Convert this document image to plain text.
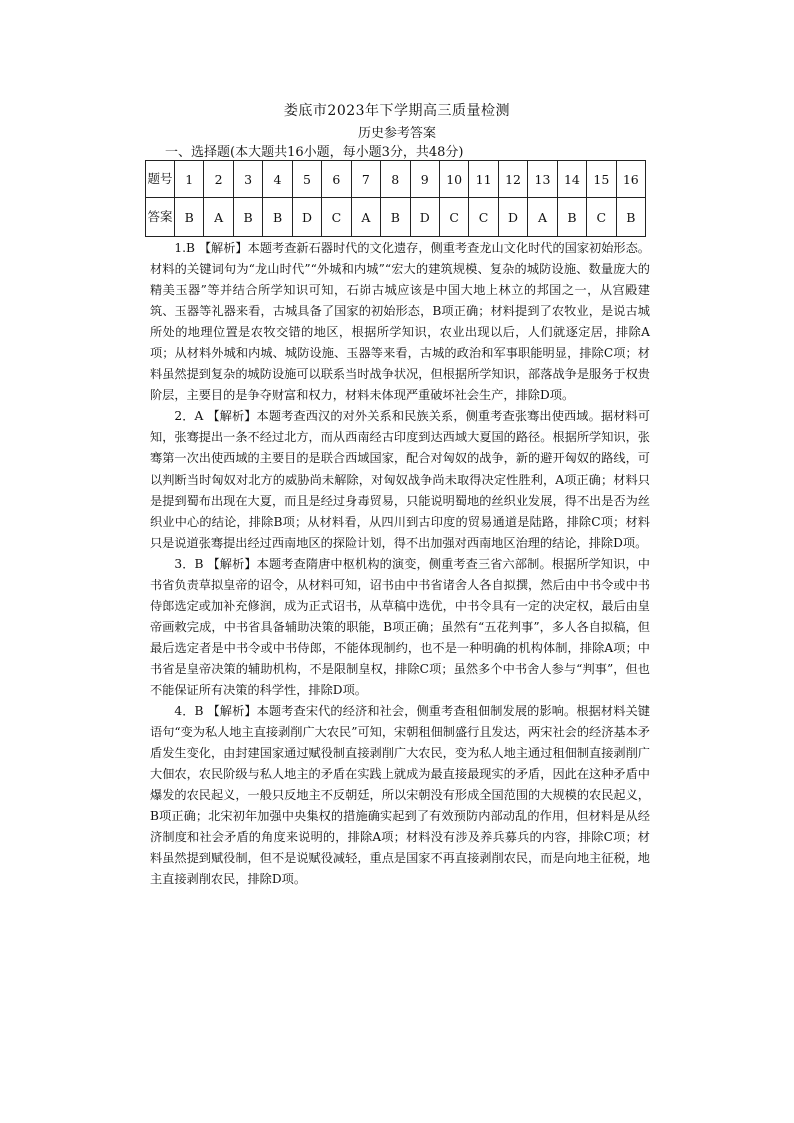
娄底市2023年下学期高三质量检测
历史参考答案
一、选择题(本大题共16小题，每小题3分，共48分)
题号	1	2	3	4	5	6	7	8	9	10	11	12	13	14	15	16
答案	B	A	B	B	D	C	A	B	D	C	C	D	A	B	C	B

1.B 【解析】本题考查新石器时代的文化遗存，侧重考查龙山文化时代的国家初始形态。材料的关键词句为“龙山时代”“外城和内城”“宏大的建筑规模、复杂的城防设施、数量庞大的精美玉器”等并结合所学知识可知，石峁古城应该是中国大地上林立的邦国之一，从宫殿建筑、玉器等礼器来看，古城具备了国家的初始形态，B项正确；材料提到了农牧业，是说古城所处的地理位置是农牧交错的地区，根据所学知识，农业出现以后，人们就逐定居，排除A项；从材料外城和内城、城防设施、玉器等来看，古城的政治和军事职能明显，排除C项；材料虽然提到复杂的城防设施可以联系当时战争状况，但根据所学知识，部落战争是服务于权贵阶层，主要目的是争夺财富和权力，材料未体现严重破坏社会生产，排除D项。

2．A 【解析】本题考查西汉的对外关系和民族关系，侧重考查张骞出使西域。据材料可知，张骞提出一条不经过北方，而从西南经古印度到达西域大夏国的路径。根据所学知识，张骞第一次出使西域的主要目的是联合西域国家，配合对匈奴的战争，新的避开匈奴的路线，可以判断当时匈奴对北方的威胁尚未解除，对匈奴战争尚未取得决定性胜利，A项正确；材料只是提到蜀布出现在大夏，而且是经过身毒贸易，只能说明蜀地的丝织业发展，得不出是否为丝织业中心的结论，排除B项；从材料看，从四川到古印度的贸易通道是陆路，排除C项；材料只是说道张骞提出经过西南地区的探险计划，得不出加强对西南地区治理的结论，排除D项。

3．B 【解析】本题考查隋唐中枢机构的演变，侧重考查三省六部制。根据所学知识，中书省负责草拟皇帝的诏令，从材料可知，诏书由中书省诸舍人各自拟撰，然后由中书令或中书侍郎选定或加补充修润，成为正式诏书，从草稿中选优，中书令具有一定的决定权，最后由皇帝画敕完成，中书省具备辅助决策的职能，B项正确；虽然有“五花判事”，多人各自拟稿，但最后选定者是中书令或中书侍郎，不能体现制约，也不是一种明确的机构体制，排除A项；中书省是皇帝决策的辅助机构，不是限制皇权，排除C项；虽然多个中书舍人参与“判事”，但也不能保证所有决策的科学性，排除D项。

4．B 【解析】本题考查宋代的经济和社会，侧重考查租佃制发展的影响。根据材料关键语句“变为私人地主直接剥削广大农民”可知，宋朝租佃制盛行且发达，两宋社会的经济基本矛盾发生变化，由封建国家通过赋役制直接剥削广大农民，变为私人地主通过租佃制直接剥削广大佃农，农民阶级与私人地主的矛盾在实践上就成为最直接最现实的矛盾，因此在这种矛盾中爆发的农民起义，一般只反地主不反朝廷，所以宋朝没有形成全国范围的大规模的农民起义，B项正确；北宋初年加强中央集权的措施确实起到了有效预防内部动乱的作用，但材料是从经济制度和社会矛盾的角度来说明的，排除A项；材料没有涉及养兵募兵的内容，排除C项；材料虽然提到赋役制，但不是说赋役减轻，重点是国家不再直接剥削农民，而是向地主征税，地主直接剥削农民，排除D项。
